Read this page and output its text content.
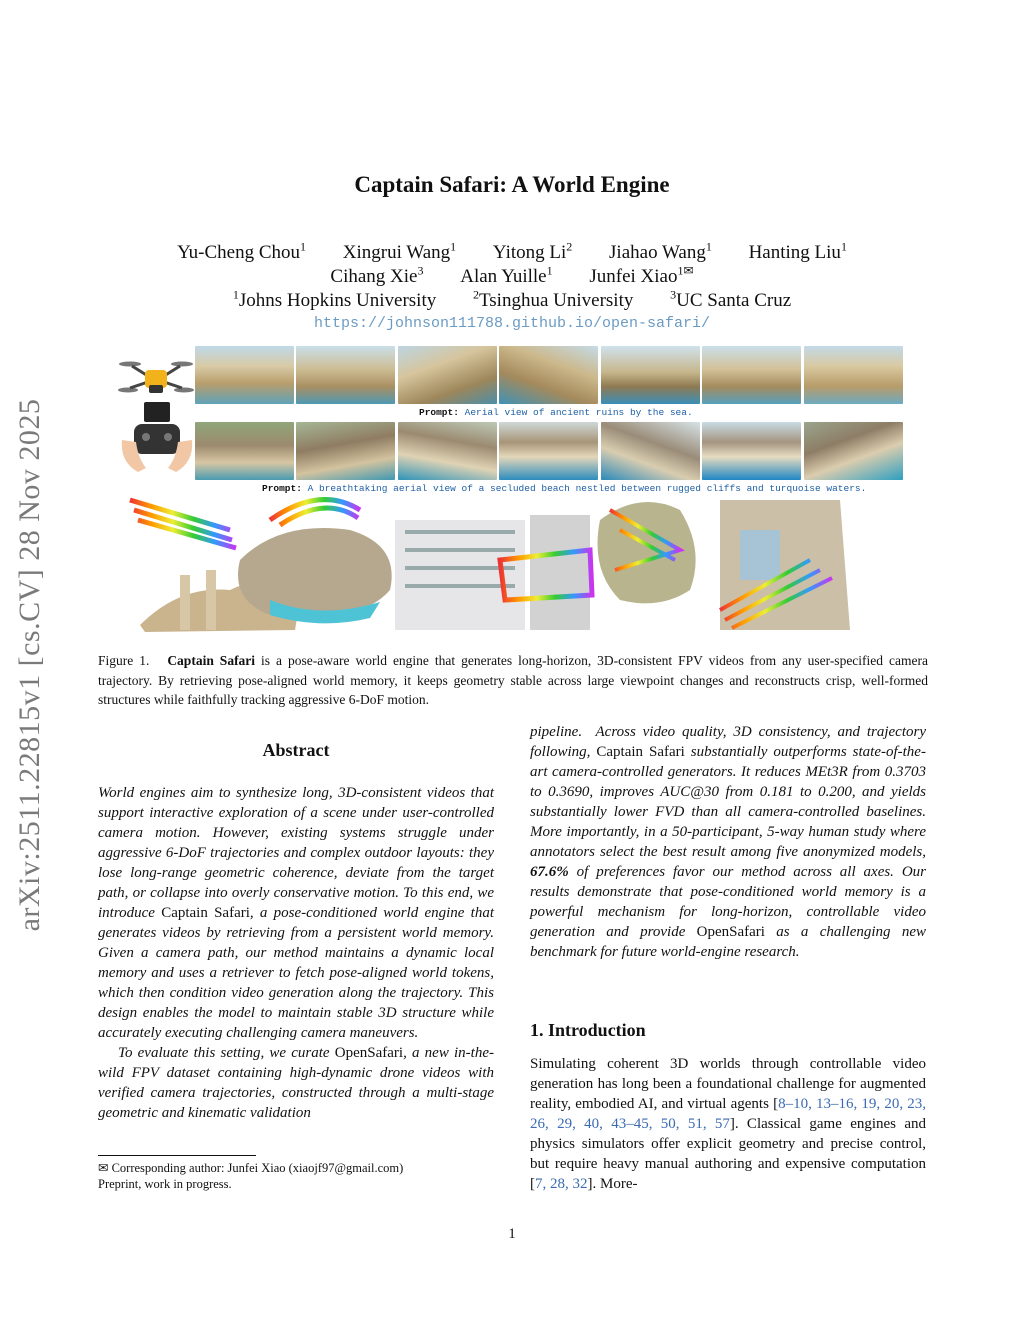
arXiv:2511.22815v1 [cs.CV] 28 Nov 2025
Captain Safari: A World Engine
Yu-Cheng Chou$^1$ Xingrui Wang$^1$ Yitong Li$^2$ Jiahao Wang$^1$ Hanting Liu$^1$
Cihang Xie$^3$ Alan Yuille$^1$ Junfei Xiao$^{1✉}$
$^1$Johns Hopkins University	$^2$Tsinghua University	$^3$UC Santa Cruz
https://johnson111788.github.io/open-safari/
Prompt: Aerial view of ancient ruins by the sea.
Prompt: A breathtaking aerial view of a secluded beach nestled between rugged cliffs and turquoise waters.
Figure 1. Captain Safari is a pose-aware world engine that generates long-horizon, 3D-consistent FPV videos from any user-specified camera trajectory. By retrieving pose-aligned world memory, it keeps geometry stable across large viewpoint changes and reconstructs crisp, well-formed structures while faithfully tracking aggressive 6-DoF motion.
Abstract
World engines aim to synthesize long, 3D-consistent videos that support interactive exploration of a scene under user-controlled camera motion. However, existing systems struggle under aggressive 6-DoF trajectories and complex outdoor layouts: they lose long-range geometric coherence, deviate from the target path, or collapse into overly conservative motion. To this end, we introduce Captain Safari, a pose-conditioned world engine that generates videos by retrieving from a persistent world memory. Given a camera path, our method maintains a dynamic local memory and uses a retriever to fetch pose-aligned world tokens, which then condition video generation along the trajectory. This design enables the model to maintain stable 3D structure while accurately executing challenging camera maneuvers.
To evaluate this setting, we curate OpenSafari, a new in-the-wild FPV dataset containing high-dynamic drone videos with verified camera trajectories, constructed through a multi-stage geometric and kinematic validation
pipeline.  Across video quality, 3D consistency, and trajectory following, Captain Safari substantially outperforms state-of-the-art camera-controlled generators. It reduces MEt3R from 0.3703 to 0.3690, improves AUC@30 from 0.181 to 0.200, and yields substantially lower FVD than all camera-controlled baselines. More importantly, in a 50-participant, 5-way human study where annotators select the best result among five anonymized models, 67.6% of preferences favor our method across all axes. Our results demonstrate that pose-conditioned world memory is a powerful mechanism for long-horizon, controllable video generation and provide OpenSafari as a challenging new benchmark for future world-engine research.
1. Introduction
Simulating coherent 3D worlds through controllable video generation has long been a foundational challenge for augmented reality, embodied AI, and virtual agents [8–10, 13–16, 19, 20, 23, 26, 29, 40, 43–45, 50, 51, 57]. Classical game engines and physics simulators offer explicit geometry and precise control, but require heavy manual authoring and expensive computation [7, 28, 32]. More-
✉ Corresponding author: Junfei Xiao (xiaojf97@gmail.com)
Preprint, work in progress.
1
